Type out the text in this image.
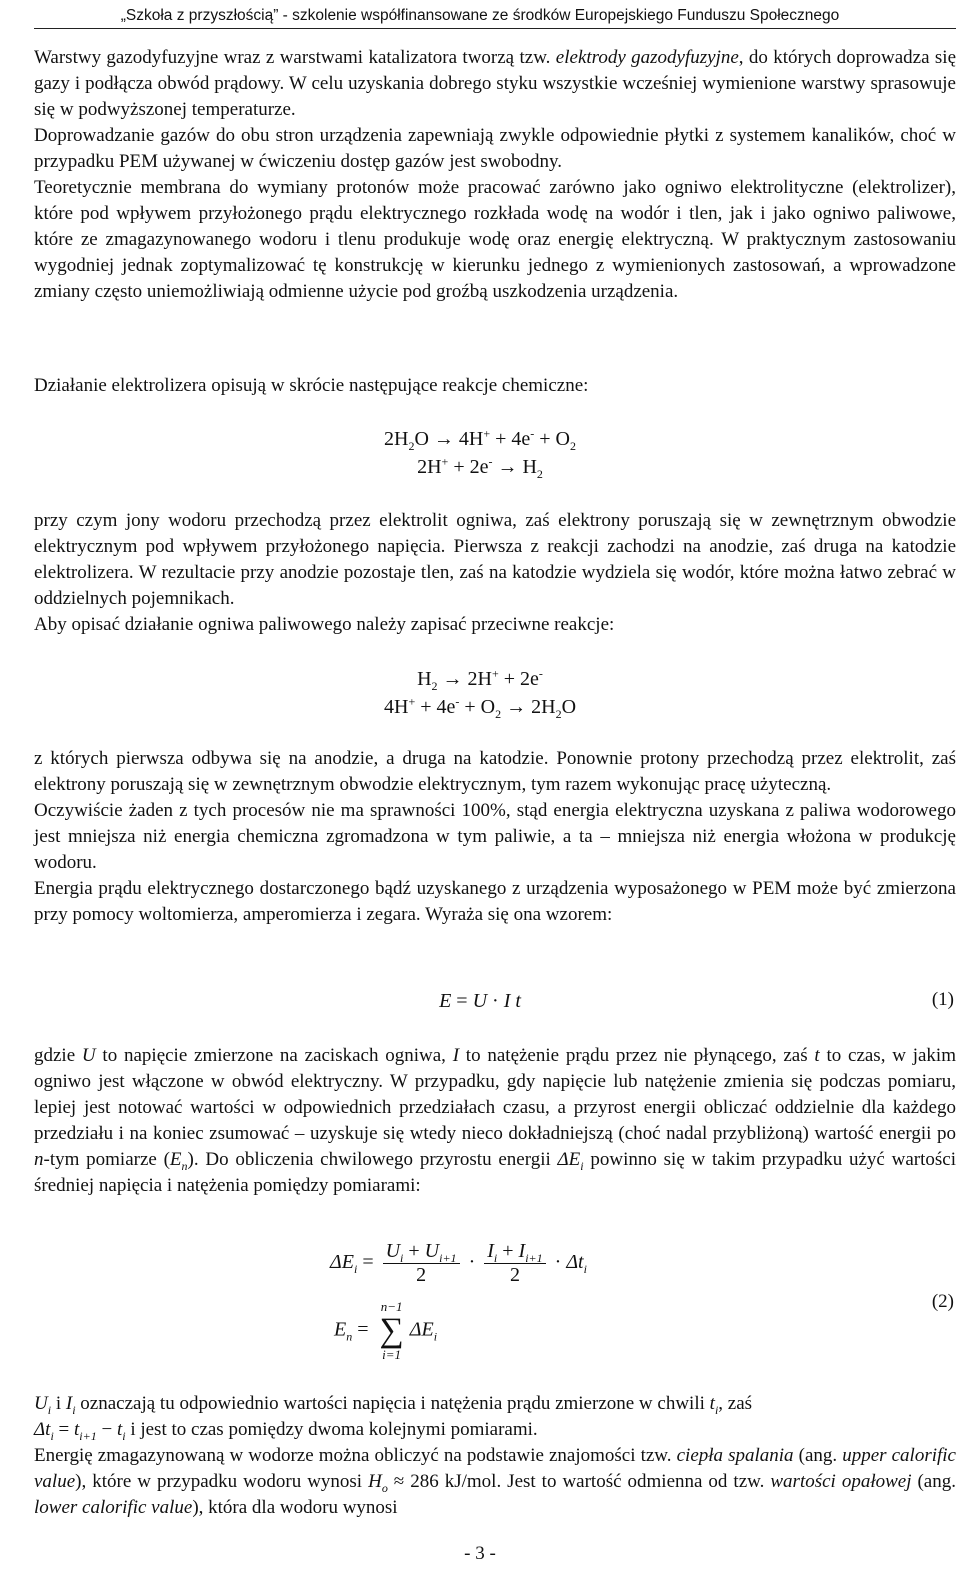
„Szkoła z przyszłością” - szkolenie współfinansowane ze środków Europejskiego Funduszu Społecznego

Warstwy gazodyfuzyjne wraz z warstwami katalizatora tworzą tzw. elektrody gazodyfuzyjne, do których doprowadza się gazy i podłącza obwód prądowy. W celu uzyskania dobrego styku wszystkie wcześniej wymienione warstwy sprasowuje się w podwyższonej temperaturze.

Doprowadzanie gazów do obu stron urządzenia zapewniają zwykle odpowiednie płytki z systemem kanalików, choć w przypadku PEM używanej w ćwiczeniu dostęp gazów jest swobodny.

Teoretycznie membrana do wymiany protonów może pracować zarówno jako ogniwo elektrolityczne (elektrolizer), które pod wpływem przyłożonego prądu elektrycznego rozkłada wodę na wodór i tlen, jak i jako ogniwo paliwowe, które ze zmagazynowanego wodoru i tlenu produkuje wodę oraz energię elektryczną. W praktycznym zastosowaniu wygodniej jednak zoptymalizować tę konstrukcję w kierunku jednego z wymienionych zastosowań, a wprowadzone zmiany często uniemożliwiają odmienne użycie pod groźbą uszkodzenia urządzenia.

Działanie elektrolizera opisują w skrócie następujące reakcje chemiczne:

$2H_2O \to 4H^+ + 4e^- + O_2$
$2H^+ + 2e^- \to H_2$

przy czym jony wodoru przechodzą przez elektrolit ogniwa, zaś elektrony poruszają się w zewnętrznym obwodzie elektrycznym pod wpływem przyłożonego napięcia. Pierwsza z reakcji zachodzi na anodzie, zaś druga na katodzie elektrolizera. W rezultacie przy anodzie pozostaje tlen, zaś na katodzie wydziela się wodór, które można łatwo zebrać w oddzielnych pojemnikach.

Aby opisać działanie ogniwa paliwowego należy zapisać przeciwne reakcje:

$H_2 \to 2H^+ + 2e^-$
$4H^+ + 4e^- + O_2 \to 2H_2O$

z których pierwsza odbywa się na anodzie, a druga na katodzie. Ponownie protony przechodzą przez elektrolit, zaś elektrony poruszają się w zewnętrznym obwodzie elektrycznym, tym razem wykonując pracę użyteczną.

Oczywiście żaden z tych procesów nie ma sprawności 100%, stąd energia elektryczna uzyskana z paliwa wodorowego jest mniejsza niż energia chemiczna zgromadzona w tym paliwie, a ta – mniejsza niż energia włożona w produkcję wodoru.

Energia prądu elektrycznego dostarczonego bądź uzyskanego z urządzenia wyposażonego w PEM może być zmierzona przy pomocy woltomierza, amperomierza i zegara. Wyraża się ona wzorem:

E = U · I t	(1)

gdzie U to napięcie zmierzone na zaciskach ogniwa, I to natężenie prądu przez nie płynącego, zaś t to czas, w jakim ogniwo jest włączone w obwód elektryczny. W przypadku, gdy napięcie lub natężenie zmienia się podczas pomiaru, lepiej jest notować wartości w odpowiednich przedziałach czasu, a przyrost energii obliczać oddzielnie dla każdego przedziału i na koniec zsumować – uzyskuje się wtedy nieco dokładniejszą (choć nadal przybliżoną) wartość energii po n-tym pomiarze $(E_n)$. Do obliczenia chwilowego przyrostu energii $\Delta E_i$ powinno się w takim przypadku użyć wartości średniej napięcia i natężenia pomiędzy pomiarami:

$\Delta E_i = \frac{U_i + U_{i+1}}{2} \cdot \frac{I_i + I_{i+1}}{2} \cdot \Delta t_i$
$E_n$ =
n−1
∑
i=1
$\Delta E_i$
(2)

$U_i$ i $I_i$ oznaczają tu odpowiednio wartości napięcia i natężenia prądu zmierzone w chwili $t_i$, zaś
$\Delta t_i = t_{i+1} - t_i$ i jest to czas pomiędzy dwoma kolejnymi pomiarami.

Energię zmagazynowaną w wodorze można obliczyć na podstawie znajomości tzw. ciepła spalania (ang. upper calorific value), które w przypadku wodoru wynosi $H_o \approx 286$ kJ/mol. Jest to wartość odmienna od tzw. wartości opałowej (ang. lower calorific value), która dla wodoru wynosi

- 3 -
